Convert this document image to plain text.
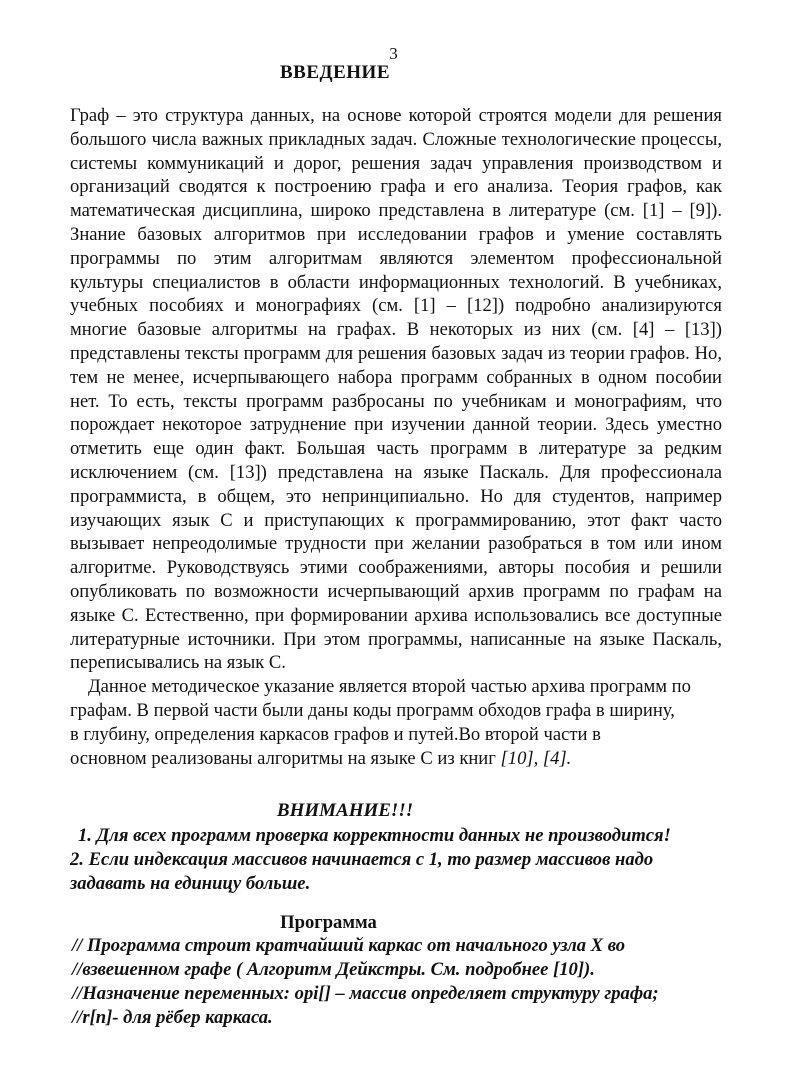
3
ВВЕДЕНИЕ

Граф – это структура данных, на основе которой строятся модели для решения большого числа важных прикладных задач. Сложные технологические процессы, системы коммуникаций и дорог, решения задач управления производством и организаций сводятся к построению графа и его анализа. Теория графов, как математическая дисциплина, широко представлена в литературе (см. [1] – [9]). Знание базовых алгоритмов при исследовании графов и умение составлять программы по этим алгоритмам являются элементом профессиональной культуры специалистов в области информационных технологий. В учебниках, учебных пособиях и монографиях (см. [1] – [12]) подробно анализируются многие базовые алгоритмы на графах. В некоторых из них (см. [4] – [13]) представлены тексты программ для решения базовых задач из теории графов. Но, тем не менее, исчерпывающего набора программ собранных в одном пособии нет. То есть, тексты программ разбросаны по учебникам и монографиям, что порождает некоторое затруднение при изучении данной теории. Здесь уместно отметить еще один факт. Большая часть программ в литературе за редким исключением (см. [13]) представлена на языке Паскаль. Для профессионала программиста, в общем, это непринципиально. Но для студентов, например изучающих язык С и приступающих к программированию, этот факт часто вызывает непреодолимые трудности при желании разобраться в том или ином алгоритме. Руководствуясь этими соображениями, авторы пособия и решили опубликовать по возможности исчерпывающий архив программ по графам на языке С. Естественно, при формировании архива использовались все доступные литературные источники. При этом программы, написанные на языке Паскаль, переписывались на язык С.

Данное методическое указание является второй частью архива программ по
графам. В первой части были даны коды программ обходов графа в ширину,
в глубину, определения каркасов графов и путей.Во второй части в
основном реализованы алгоритмы на языке С из книг [10], [4].

ВНИМАНИЕ!!!

1. Для всех программ проверка корректности данных не производится!

2. Если индексация массивов начинается с 1, то размер массивов надо

задавать на единицу больше.

Программа

// Программа строит кратчайший каркас от начального узла X во

//взвешенном графе ( Алгоритм Дейкстры. См. подробнее [10]).

//Назначение переменных: opi[] – массив определяет структуру графа;

//r[n]- для рёбер каркаса.
